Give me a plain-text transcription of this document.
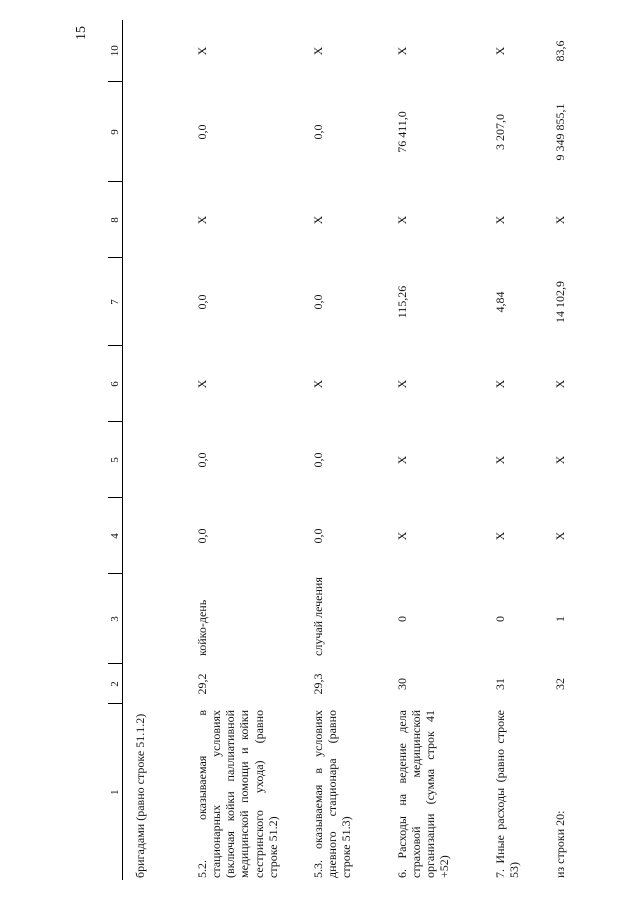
15
1	2	3	4	5	6	7	8	9	10
бригадами (равно строке 51.1.2)									
5.2. оказываемая в стационарных условиях (включая койки паллиативной медицинской помощи и койки сестринского ухода) (равно строке 51.2)	29,2	койко-день	0,0	0,0	Х	0,0	Х	0,0	Х
5.3. оказываемая в условиях дневного стационара (равно строке 51.3)	29,3	случай лечения	0,0	0,0	Х	0,0	Х	0,0	Х
6. Расходы на ведение дела страховой медицинской организации (сумма строк 41 +52)	30	0	Х	Х	Х	115,26	Х	76 411,0	Х
7. Иные расходы (равно строке 53)	31	0	Х	Х	Х	4,84	Х	3 207,0	Х
из строки 20:	32	1	Х	Х	Х	14 102,9	Х	9 349 855,1	83,6
